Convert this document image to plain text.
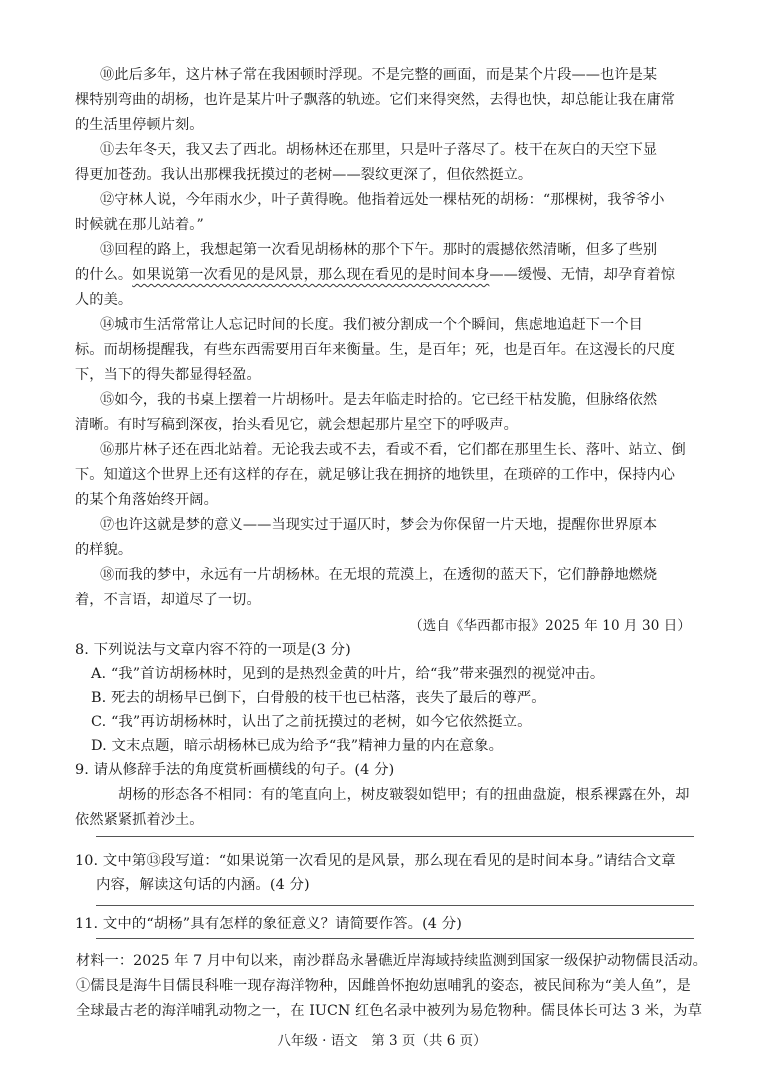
⑩此后多年，这片林子常在我困顿时浮现。不是完整的画面，而是某个片段——也许是某
棵特别弯曲的胡杨，也许是某片叶子飘落的轨迹。它们来得突然，去得也快，却总能让我在庸常
的生活里停顿片刻。
⑪去年冬天，我又去了西北。胡杨林还在那里，只是叶子落尽了。枝干在灰白的天空下显
得更加苍劲。我认出那棵我抚摸过的老树——裂纹更深了，但依然挺立。
⑫守林人说，今年雨水少，叶子黄得晚。他指着远处一棵枯死的胡杨：“那棵树，我爷爷小
时候就在那儿站着。”
⑬回程的路上，我想起第一次看见胡杨林的那个下午。那时的震撼依然清晰，但多了些别
的什么。如果说第一次看见的是风景，那么现在看见的是时间本身——缓慢、无情，却孕育着惊
人的美。
⑭城市生活常常让人忘记时间的长度。我们被分割成一个个瞬间，焦虑地追赶下一个目
标。而胡杨提醒我，有些东西需要用百年来衡量。生，是百年；死，也是百年。在这漫长的尺度
下，当下的得失都显得轻盈。
⑮如今，我的书桌上摆着一片胡杨叶。是去年临走时拾的。它已经干枯发脆，但脉络依然
清晰。有时写稿到深夜，抬头看见它，就会想起那片星空下的呼吸声。
⑯那片林子还在西北站着。无论我去或不去，看或不看，它们都在那里生长、落叶、站立、倒
下。知道这个世界上还有这样的存在，就足够让我在拥挤的地铁里，在琐碎的工作中，保持内心
的某个角落始终开阔。
⑰也许这就是梦的意义——当现实过于逼仄时，梦会为你保留一片天地，提醒你世界原本
的样貌。
⑱而我的梦中，永远有一片胡杨林。在无垠的荒漠上，在透彻的蓝天下，它们静静地燃烧
着，不言语，却道尽了一切。
（选自《华西都市报》2025 年 10 月 30 日）
8. 下列说法与文章内容不符的一项是(3 分)
A. “我”首访胡杨林时，见到的是热烈金黄的叶片，给“我”带来强烈的视觉冲击。
B. 死去的胡杨早已倒下，白骨般的枝干也已枯落，丧失了最后的尊严。
C. “我”再访胡杨林时，认出了之前抚摸过的老树，如今它依然挺立。
D. 文末点题，暗示胡杨林已成为给予“我”精神力量的内在意象。
9. 请从修辞手法的角度赏析画横线的句子。(4 分)
胡杨的形态各不相同：有的笔直向上，树皮皲裂如铠甲；有的扭曲盘旋，根系裸露在外，却
依然紧紧抓着沙土。
10. 文中第⑬段写道：“如果说第一次看见的是风景，那么现在看见的是时间本身。”请结合文章
内容，解读这句话的内涵。(4 分)
11. 文中的“胡杨”具有怎样的象征意义？请简要作答。(4 分)
材料一：2025 年 7 月中旬以来，南沙群岛永暑礁近岸海域持续监测到国家一级保护动物儒艮活动。
①儒艮是海牛目儒艮科唯一现存海洋物种，因雌兽怀抱幼崽哺乳的姿态，被民间称为“美人鱼”，是
全球最古老的海洋哺乳动物之一，在 IUCN 红色名录中被列为易危物种。儒艮体长可达 3 米，为草
八年级 · 语文　第 3 页（共 6 页）
